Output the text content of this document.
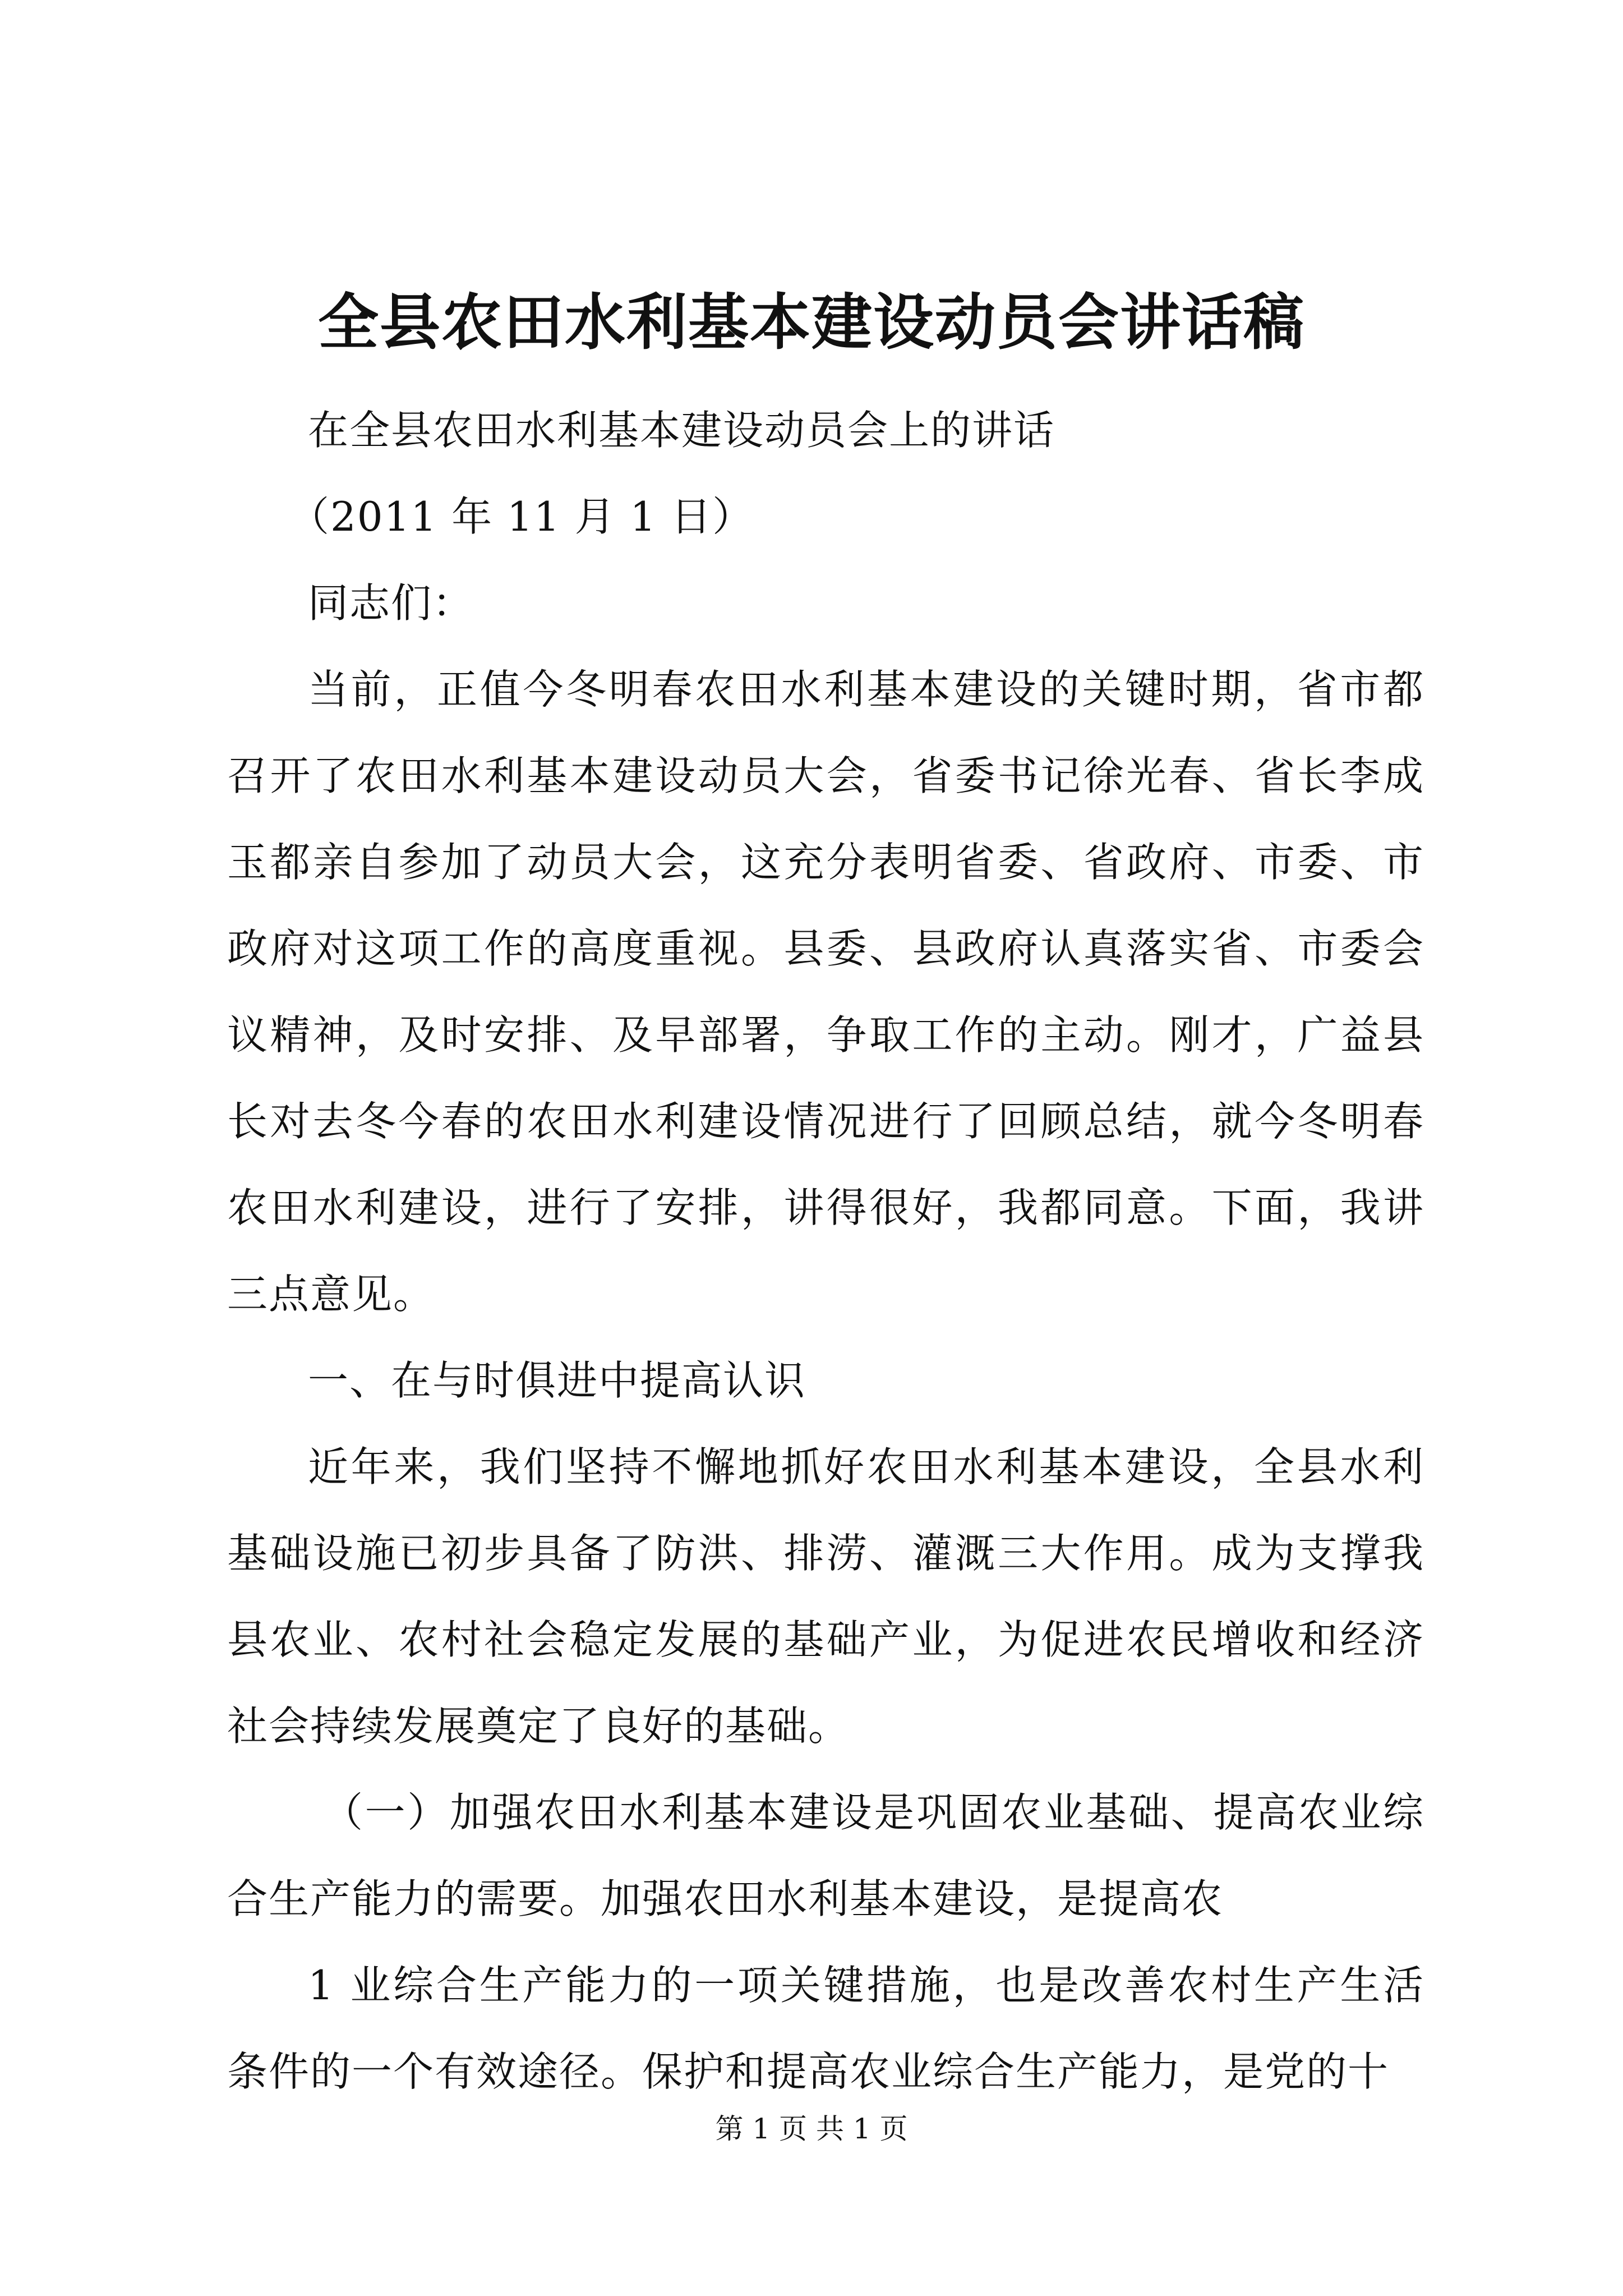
全县农田水利基本建设动员会讲话稿

在全县农田水利基本建设动员会上的讲话

（2011 年 11 月 1 日）

同志们：

当前，正值今冬明春农田水利基本建设的关键时期，省市都召开了农田水利基本建设动员大会，省委书记徐光春、省长李成玉都亲自参加了动员大会，这充分表明省委、省政府、市委、市政府对这项工作的高度重视。县委、县政府认真落实省、市委会议精神，及时安排、及早部署，争取工作的主动。刚才，广益县长对去冬今春的农田水利建设情况进行了回顾总结，就今冬明春农田水利建设，进行了安排，讲得很好，我都同意。下面，我讲三点意见。

一、在与时俱进中提高认识

近年来，我们坚持不懈地抓好农田水利基本建设，全县水利基础设施已初步具备了防洪、排涝、灌溉三大作用。成为支撑我县农业、农村社会稳定发展的基础产业，为促进农民增收和经济社会持续发展奠定了良好的基础。

（一）加强农田水利基本建设是巩固农业基础、提高农业综合生产能力的需要。加强农田水利基本建设，是提高农

1 业综合生产能力的一项关键措施，也是改善农村生产生活条件的一个有效途径。保护和提高农业综合生产能力，是党的十

第 1 页 共 1 页
